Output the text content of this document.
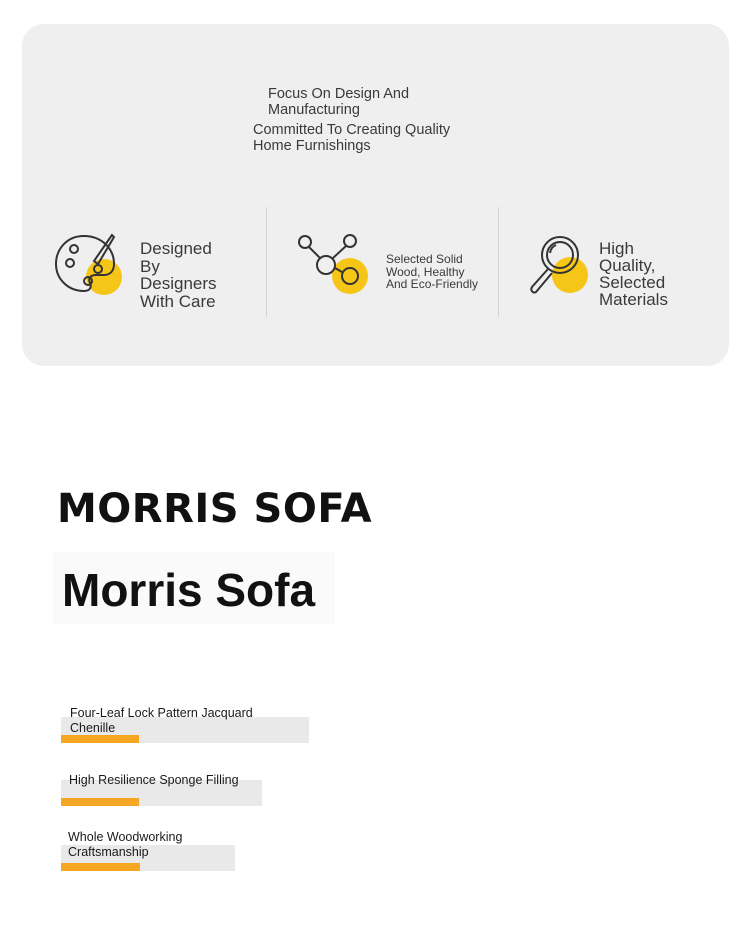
Focus On Design And Manufacturing
Committed To Creating Quality Home Furnishings
Designed By Designers With Care
Selected Solid Wood, Healthy And Eco-Friendly
High Quality, Selected Materials
MORRIS SOFA
Morris Sofa
Four-Leaf Lock Pattern Jacquard Chenille
High Resilience Sponge Filling
Whole Woodworking Craftsmanship
